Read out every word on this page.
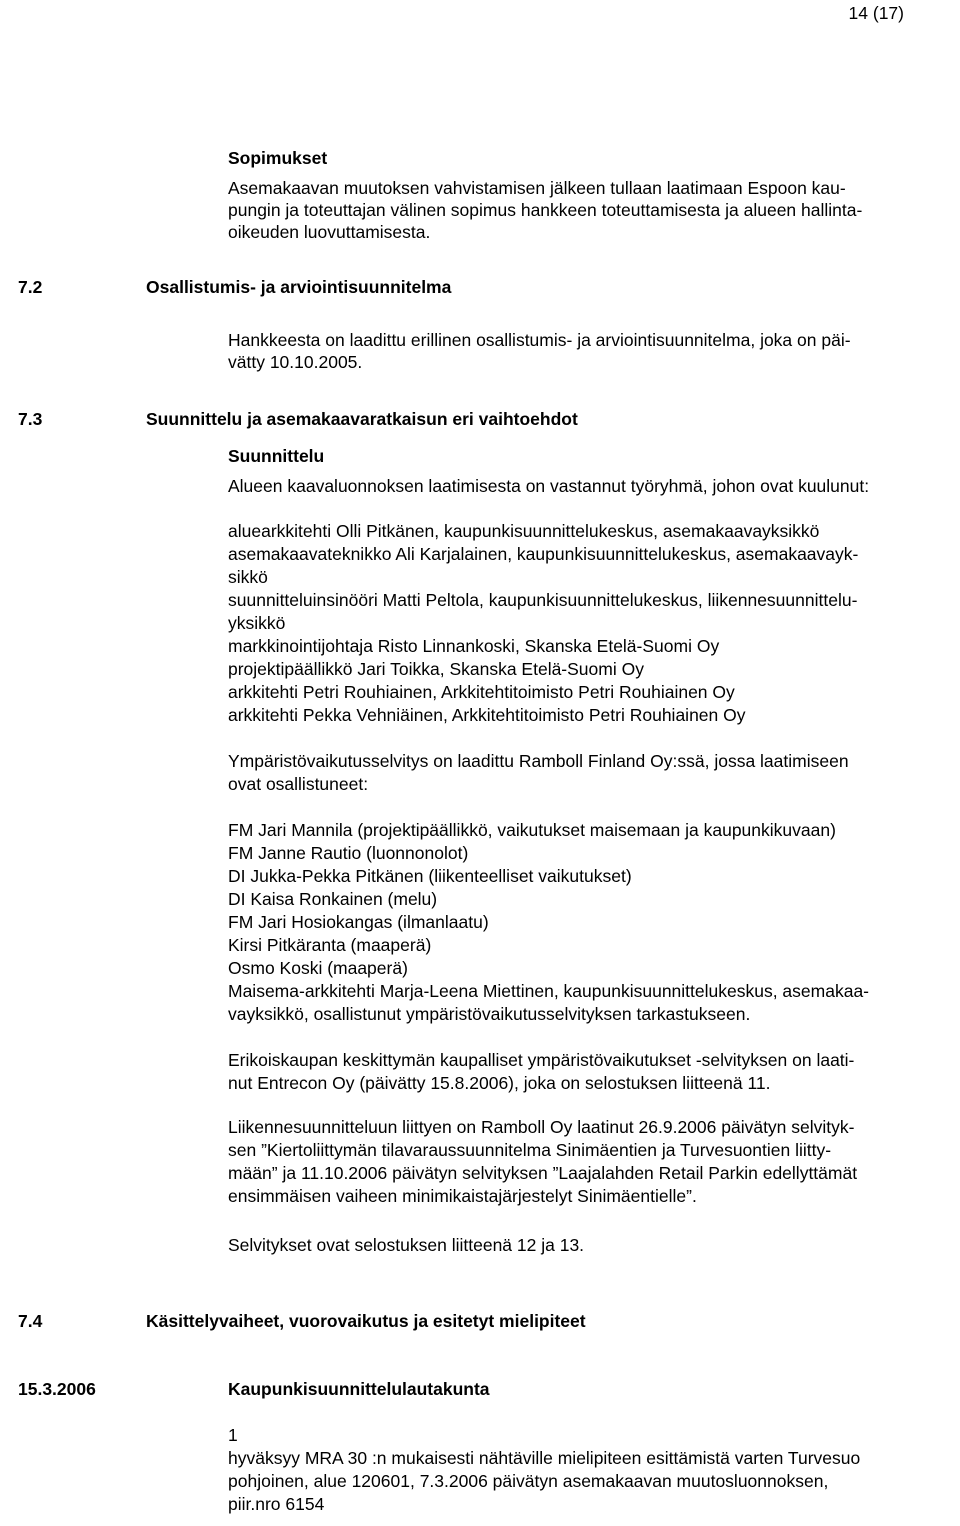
14 (17)
Sopimukset
Asemakaavan muutoksen vahvistamisen jälkeen tullaan laatimaan Espoon kau-
pungin ja toteuttajan välinen sopimus hankkeen toteuttamisesta ja alueen hallinta-
oikeuden luovuttamisesta.
7.2	Osallistumis- ja arviointisuunnitelma
Hankkeesta on laadittu erillinen osallistumis- ja arviointisuunnitelma, joka on päi-
vätty 10.10.2005.
7.3	Suunnittelu ja asemakaavaratkaisun eri vaihtoehdot
Suunnittelu
Alueen kaavaluonnoksen laatimisesta on vastannut työryhmä, johon ovat kuulunut:
aluearkkitehti Olli Pitkänen, kaupunkisuunnittelukeskus, asemakaavayksikkö
asemakaavateknikko Ali Karjalainen, kaupunkisuunnittelukeskus, asemakaavayk-
sikkö
suunnitteluinsinööri Matti Peltola, kaupunkisuunnittelukeskus, liikennesuunnittelu-
yksikkö
markkinointijohtaja Risto Linnankoski, Skanska Etelä-Suomi Oy
projektipäällikkö Jari Toikka, Skanska Etelä-Suomi Oy
arkkitehti Petri Rouhiainen, Arkkitehtitoimisto Petri Rouhiainen Oy
arkkitehti Pekka Vehniäinen, Arkkitehtitoimisto Petri Rouhiainen Oy
Ympäristövaikutusselvitys on laadittu Ramboll Finland Oy:ssä, jossa laatimiseen
ovat osallistuneet:
FM Jari Mannila (projektipäällikkö, vaikutukset maisemaan ja kaupunkikuvaan)
FM Janne Rautio (luonnonolot)
DI Jukka-Pekka Pitkänen (liikenteelliset vaikutukset)
DI Kaisa Ronkainen (melu)
FM Jari Hosiokangas (ilmanlaatu)
Kirsi Pitkäranta (maaperä)
Osmo Koski (maaperä)
Maisema-arkkitehti Marja-Leena Miettinen, kaupunkisuunnittelukeskus, asemakaa-
vayksikkö, osallistunut ympäristövaikutusselvityksen tarkastukseen.
Erikoiskaupan keskittymän kaupalliset ympäristövaikutukset -selvityksen on laati-
nut Entrecon Oy (päivätty 15.8.2006), joka on selostuksen liitteenä 11.
Liikennesuunnitteluun liittyen on Ramboll Oy laatinut 26.9.2006 päivätyn selvityk-
sen ”Kiertoliittymän tilavaraussuunnitelma Sinimäentien ja Turvesuontien liitty-
mään” ja 11.10.2006 päivätyn selvityksen ”Laajalahden Retail Parkin edellyttämät
ensimmäisen vaiheen minimikaistajärjestelyt Sinimäentielle”.
Selvitykset ovat selostuksen liitteenä 12 ja 13.
7.4	Käsittelyvaiheet, vuorovaikutus ja esitetyt mielipiteet
15.3.2006	Kaupunkisuunnittelulautakunta
1
hyväksyy MRA 30 :n mukaisesti nähtäville mielipiteen esittämistä varten Turvesuo
pohjoinen, alue 120601, 7.3.2006 päivätyn asemakaavan muutosluonnoksen,
piir.nro 6154
